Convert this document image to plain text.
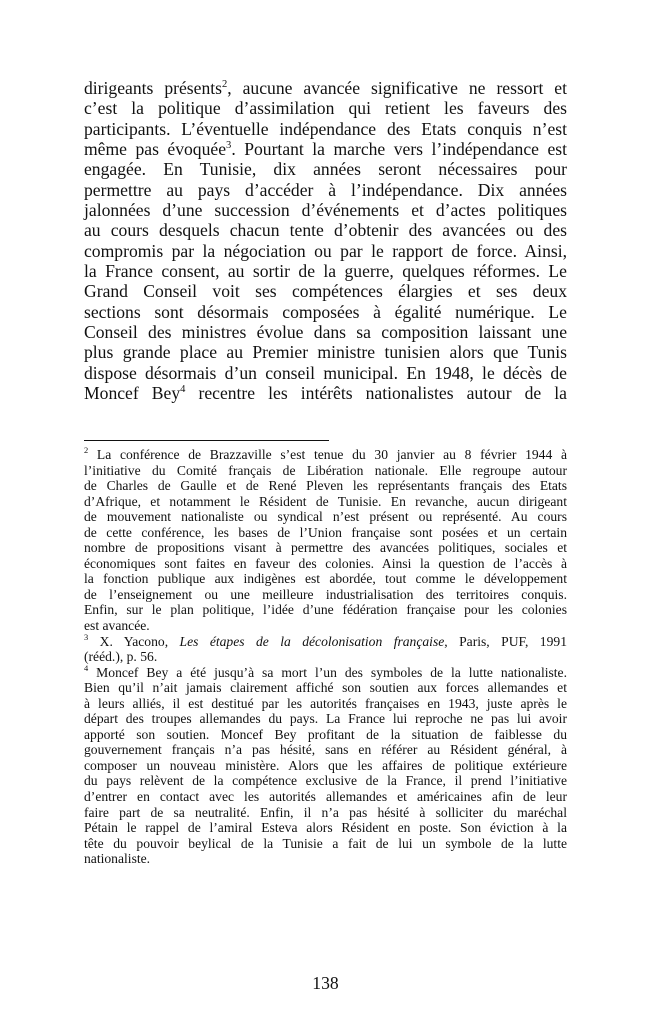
dirigeants présents$^2$, aucune avancée significative ne ressort et
c’est la politique d’assimilation qui retient les faveurs des
participants. L’éventuelle indépendance des Etats conquis n’est
même pas évoquée$^3$. Pourtant la marche vers l’indépendance est
engagée. En Tunisie, dix années seront nécessaires pour
permettre au pays d’accéder à l’indépendance. Dix années
jalonnées d’une succession d’événements et d’actes politiques
au cours desquels chacun tente d’obtenir des avancées ou des
compromis par la négociation ou par le rapport de force. Ainsi,
la France consent, au sortir de la guerre, quelques réformes. Le
Grand Conseil voit ses compétences élargies et ses deux
sections sont désormais composées à égalité numérique. Le
Conseil des ministres évolue dans sa composition laissant une
plus grande place au Premier ministre tunisien alors que Tunis
dispose désormais d’un conseil municipal. En 1948, le décès de
Moncef Bey$^4$ recentre les intérêts nationalistes autour de la
$^2$ La conférence de Brazzaville s’est tenue du 30 janvier au 8 février 1944 à
l’initiative du Comité français de Libération nationale. Elle regroupe autour
de Charles de Gaulle et de René Pleven les représentants français des Etats
d’Afrique, et notamment le Résident de Tunisie. En revanche, aucun dirigeant
de mouvement nationaliste ou syndical n’est présent ou représenté. Au cours
de cette conférence, les bases de l’Union française sont posées et un certain
nombre de propositions visant à permettre des avancées politiques, sociales et
économiques sont faites en faveur des colonies. Ainsi la question de l’accès à
la fonction publique aux indigènes est abordée, tout comme le développement
de l’enseignement ou une meilleure industrialisation des territoires conquis.
Enfin, sur le plan politique, l’idée d’une fédération française pour les colonies
est avancée.
$^3$ X. Yacono, Les étapes de la décolonisation française, Paris, PUF, 1991
(rééd.), p. 56.
$^4$ Moncef Bey a été jusqu’à sa mort l’un des symboles de la lutte nationaliste.
Bien qu’il n’ait jamais clairement affiché son soutien aux forces allemandes et
à leurs alliés, il est destitué par les autorités françaises en 1943, juste après le
départ des troupes allemandes du pays. La France lui reproche ne pas lui avoir
apporté son soutien. Moncef Bey profitant de la situation de faiblesse du
gouvernement français n’a pas hésité, sans en référer au Résident général, à
composer un nouveau ministère. Alors que les affaires de politique extérieure
du pays relèvent de la compétence exclusive de la France, il prend l’initiative
d’entrer en contact avec les autorités allemandes et américaines afin de leur
faire part de sa neutralité. Enfin, il n’a pas hésité à solliciter du maréchal
Pétain le rappel de l’amiral Esteva alors Résident en poste. Son éviction à la
tête du pouvoir beylical de la Tunisie a fait de lui un symbole de la lutte
nationaliste.
138
